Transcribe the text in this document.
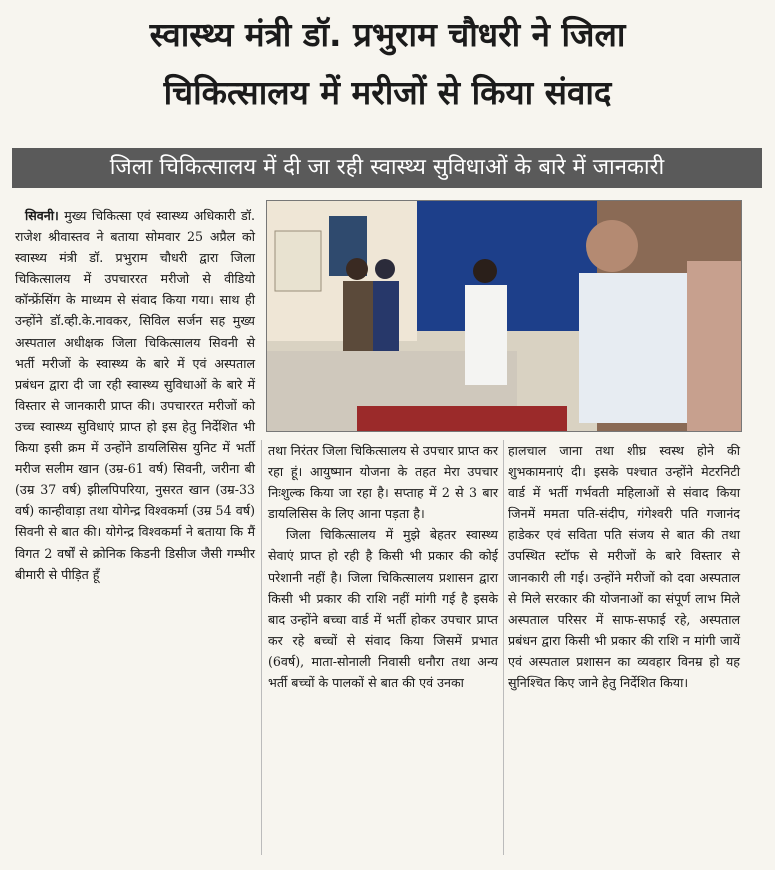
स्वास्थ्य मंत्री डॉ. प्रभुराम चौधरी ने जिला
चिकित्सालय में मरीजों से किया संवाद
जिला चिकित्सालय में दी जा रही स्वास्थ्य सुविधाओं के बारे में जानकारी

सिवनी। मुख्य चिकित्सा एवं स्वास्थ्य अधिकारी डॉ. राजेश श्रीवास्तव ने बताया सोमवार 25 अप्रैल को स्वास्थ्य मंत्री डॉ. प्रभुराम चौधरी द्वारा जिला चिकित्सालय में उपचाररत मरीजो से वीडियो कॉन्फ्रेंसिंग के माध्यम से संवाद किया गया। साथ ही उन्होंने डॉ.व्ही.के.नावकर, सिविल सर्जन सह मुख्य अस्पताल अधीक्षक जिला चिकित्सालय सिवनी से भर्ती मरीजों के स्वास्थ्य के बारे में एवं अस्पताल प्रबंधन द्वारा दी जा रही स्वास्थ्य सुविधाओं के बारे में विस्तार से जानकारी प्राप्त की। उपचाररत मरीजों को उच्च स्वास्थ्य सुविधाएं प्राप्त हो इस हेतु निर्देशित भी किया इसी क्रम में उन्होंने डायलिसिस युनिट में भर्ती मरीज सलीम खान (उम्र-61 वर्ष) सिवनी, जरीना बी (उम्र 37 वर्ष) झीलपिपरिया, नुसरत खान (उम्र-33 वर्ष) कान्हीवाड़ा तथा योगेन्द्र विश्वकर्मा (उम्र 54 वर्ष) सिवनी से बात की। योगेन्द्र विश्वकर्मा ने बताया कि मैं विगत 2 वर्षों से क्रोनिक किडनी डिसीज जैसी गम्भीर बीमारी से पीड़ित हूँ

तथा निरंतर जिला चिकित्सालय से उपचार प्राप्त कर रहा हूं। आयुष्मान योजना के तहत मेरा उपचार निःशुल्क किया जा रहा है। सप्ताह में 2 से 3 बार डायलिसिस के लिए आना पड़ता है।

जिला चिकित्सालय में मुझे बेहतर स्वास्थ्य सेवाएं प्राप्त हो रही है किसी भी प्रकार की कोई परेशानी नहीं है। जिला चिकित्सालय प्रशासन द्वारा किसी भी प्रकार की राशि नहीं मांगी गई है इसके बाद उन्होंने बच्चा वार्ड में भर्ती होकर उपचार प्राप्त कर रहे बच्चों से संवाद किया जिसमें प्रभात (6वर्ष), माता-सोनाली निवासी धनौरा तथा अन्य भर्ती बच्चों के पालकों से बात की एवं उनका

हालचाल जाना तथा शीघ्र स्वस्थ होने की शुभकामनाएं दी। इसके पश्चात उन्होंने मेटरनिटी वार्ड में भर्ती गर्भवती महिलाओं से संवाद किया जिनमें ममता पति-संदीप, गंगेश्वरी पति गजानंद हाडेकर एवं सविता पति संजय से बात की तथा उपस्थित स्टॉफ से मरीजों के बारे विस्तार से जानकारी ली गई। उन्होंने मरीजों को दवा अस्पताल से मिले सरकार की योजनाओं का संपूर्ण लाभ मिले अस्पताल परिसर में साफ-सफाई रहे, अस्पताल प्रबंधन द्वारा किसी भी प्रकार की राशि न मांगी जायें एवं अस्पताल प्रशासन का व्यवहार विनम्र हो यह सुनिश्चित किए जाने हेतु निर्देशित किया।
